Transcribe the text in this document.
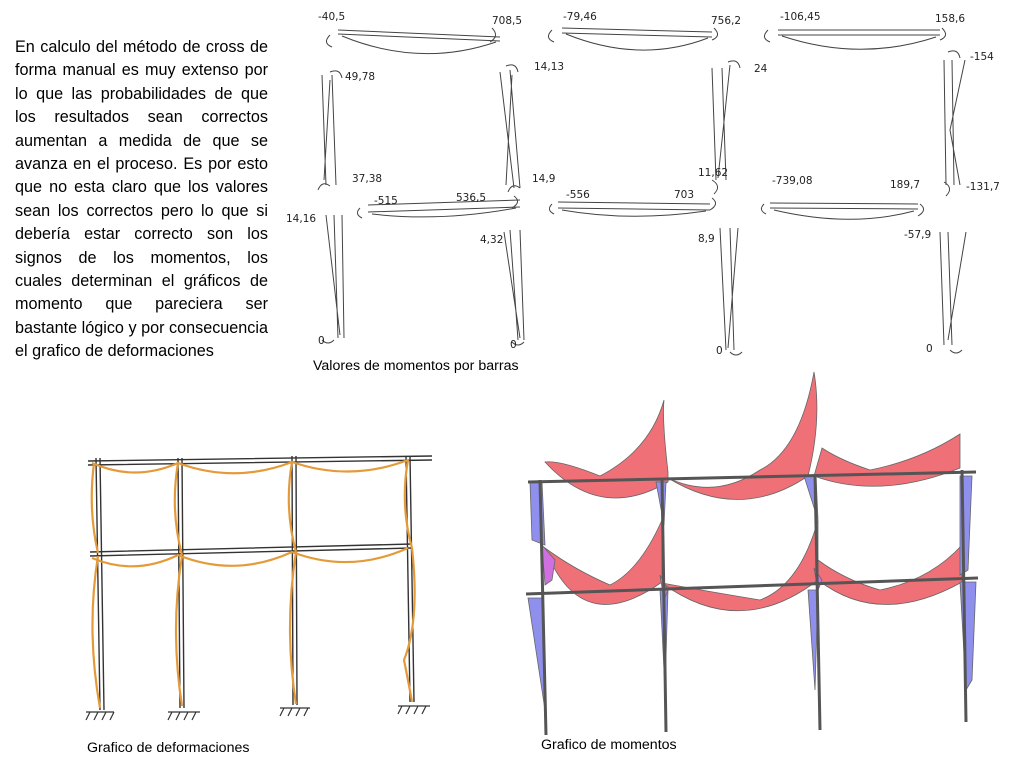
En calculo del método de cross de forma manual es muy extenso por lo que las probabilidades de que los resultados sean correctos aumentan a medida de que se avanza en el proceso. Es por esto que no esta claro que los valores sean los correctos pero lo que si debería estar correcto son los signos de los momentos, los cuales determinan el gráficos de momento que pareciera ser bastante lógico y por consecuencia el grafico de deformaciones

-40,5	708,5	-79,46	756,2	-106,45	158,6
49,78
37,38
14,13
14,9
24
11,62
-154
-131,7
14,16
-515	536,5	-556	703
-739,08	189,7
4,32	8,9	-57,9
0	0	0	0

Valores de momentos por barras

Grafico de deformaciones	Grafico de momentos
